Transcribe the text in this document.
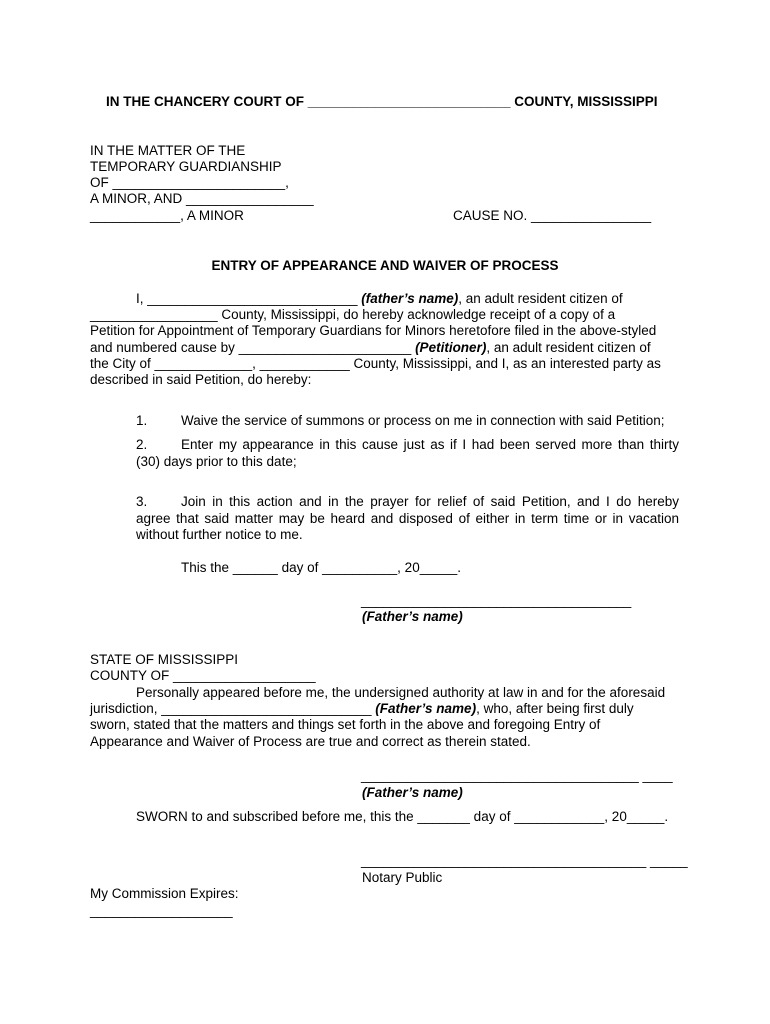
IN THE CHANCERY COURT OF ___________________________ COUNTY, MISSISSIPPI
IN THE MATTER OF THE
TEMPORARY GUARDIANSHIP
OF _______________________,
A MINOR, AND _________________
____________, A MINOR	CAUSE NO. ________________
ENTRY OF APPEARANCE AND WAIVER OF PROCESS
I, ____________________________ (father’s name), an adult resident citizen of
_________________ County, Mississippi, do hereby acknowledge receipt of a copy of a
Petition for Appointment of Temporary Guardians for Minors heretofore filed in the above-styled
and numbered cause by _______________________ (Petitioner), an adult resident citizen of
the City of _____________, ____________ County, Mississippi, and I, as an interested party as
described in said Petition, do hereby:
1. Waive the service of summons or process on me in connection with said Petition;
2. Enter my appearance in this cause just as if I had been served more than thirty
(30) days prior to this date;
3. Join in this action and in the prayer for relief of said Petition, and I do hereby
agree that said matter may be heard and disposed of either in term time or in vacation
without further notice to me.
This the ______ day of __________, 20_____.
____________________________________
(Father’s name)
STATE OF MISSISSIPPI
COUNTY OF ___________________
Personally appeared before me, the undersigned authority at law in and for the aforesaid
jurisdiction, ____________________________ (Father’s name), who, after being first duly
sworn, stated that the matters and things set forth in the above and foregoing Entry of
Appearance and Waiver of Process are true and correct as therein stated.
_____________________________________ ____
(Father’s name)
SWORN to and subscribed before me, this the _______ day of ____________, 20_____.
______________________________________ _____
Notary Public
My Commission Expires:
___________________
